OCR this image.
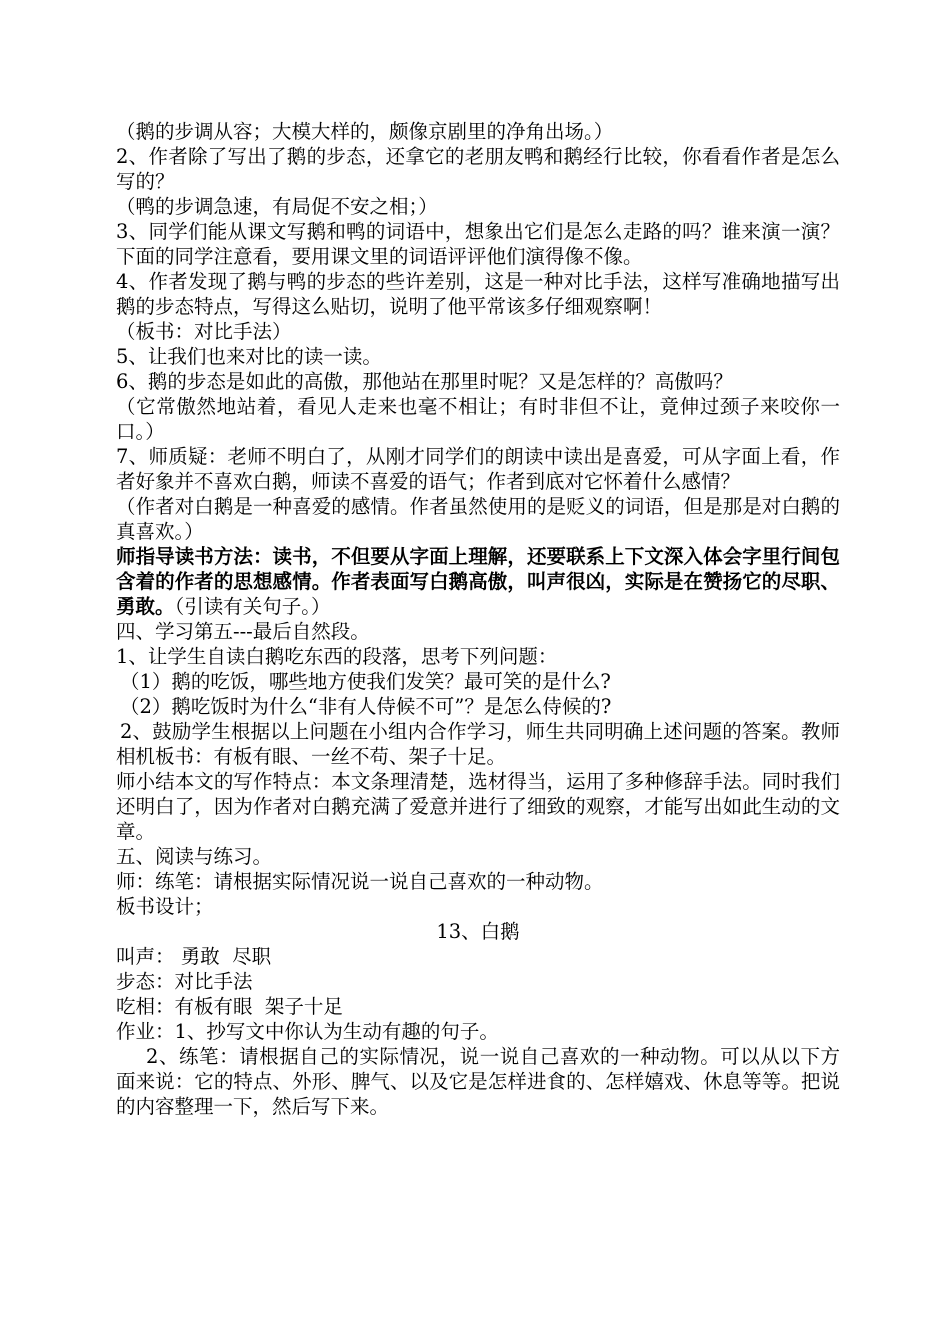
（鹅的步调从容；大模大样的，颇像京剧里的净角出场。）

2、作者除了写出了鹅的步态，还拿它的老朋友鸭和鹅经行比较，你看看作者是怎么写的？

（鸭的步调急速，有局促不安之相；）

3、同学们能从课文写鹅和鸭的词语中，想象出它们是怎么走路的吗？谁来演一演？下面的同学注意看，要用课文里的词语评评他们演得像不像。

4、作者发现了鹅与鸭的步态的些许差别，这是一种对比手法，这样写准确地描写出鹅的步态特点，写得这么贴切，说明了他平常该多仔细观察啊！

（板书：对比手法）

5、让我们也来对比的读一读。

6、鹅的步态是如此的高傲，那他站在那里时呢？又是怎样的？高傲吗？

（它常傲然地站着，看见人走来也毫不相让；有时非但不让，竟伸过颈子来咬你一口。）

7、师质疑：老师不明白了，从刚才同学们的朗读中读出是喜爱，可从字面上看，作者好象并不喜欢白鹅，师读不喜爱的语气；作者到底对它怀着什么感情？

（作者对白鹅是一种喜爱的感情。作者虽然使用的是贬义的词语，但是那是对白鹅的真喜欢。）

师指导读书方法：读书，不但要从字面上理解，还要联系上下文深入体会字里行间包含着的作者的思想感情。作者表面写白鹅高傲，叫声很凶，实际是在赞扬它的尽职、勇敢。（引读有关句子。）

四、学习第五---最后自然段。

1、让学生自读白鹅吃东西的段落，思考下列问题：

（1）鹅的吃饭，哪些地方使我们发笑？最可笑的是什么?

（2）鹅吃饭时为什么“非有人侍候不可”？是怎么侍候的?

2、鼓励学生根据以上问题在小组内合作学习，师生共同明确上述问题的答案。教师相机板书：有板有眼、一丝不苟、架子十足。

师小结本文的写作特点：本文条理清楚，选材得当，运用了多种修辞手法。同时我们还明白了，因为作者对白鹅充满了爱意并进行了细致的观察，才能写出如此生动的文章。

五、阅读与练习。

师：练笔：请根据实际情况说一说自己喜欢的一种动物。

板书设计；

13、白鹅

叫声： 勇敢  尽职

步态：对比手法

吃相：有板有眼  架子十足

作业：1、抄写文中你认为生动有趣的句子。

2、练笔：请根据自己的实际情况，说一说自己喜欢的一种动物。可以从以下方面来说：它的特点、外形、脾气、以及它是怎样进食的、怎样嬉戏、休息等等。把说的内容整理一下，然后写下来。
